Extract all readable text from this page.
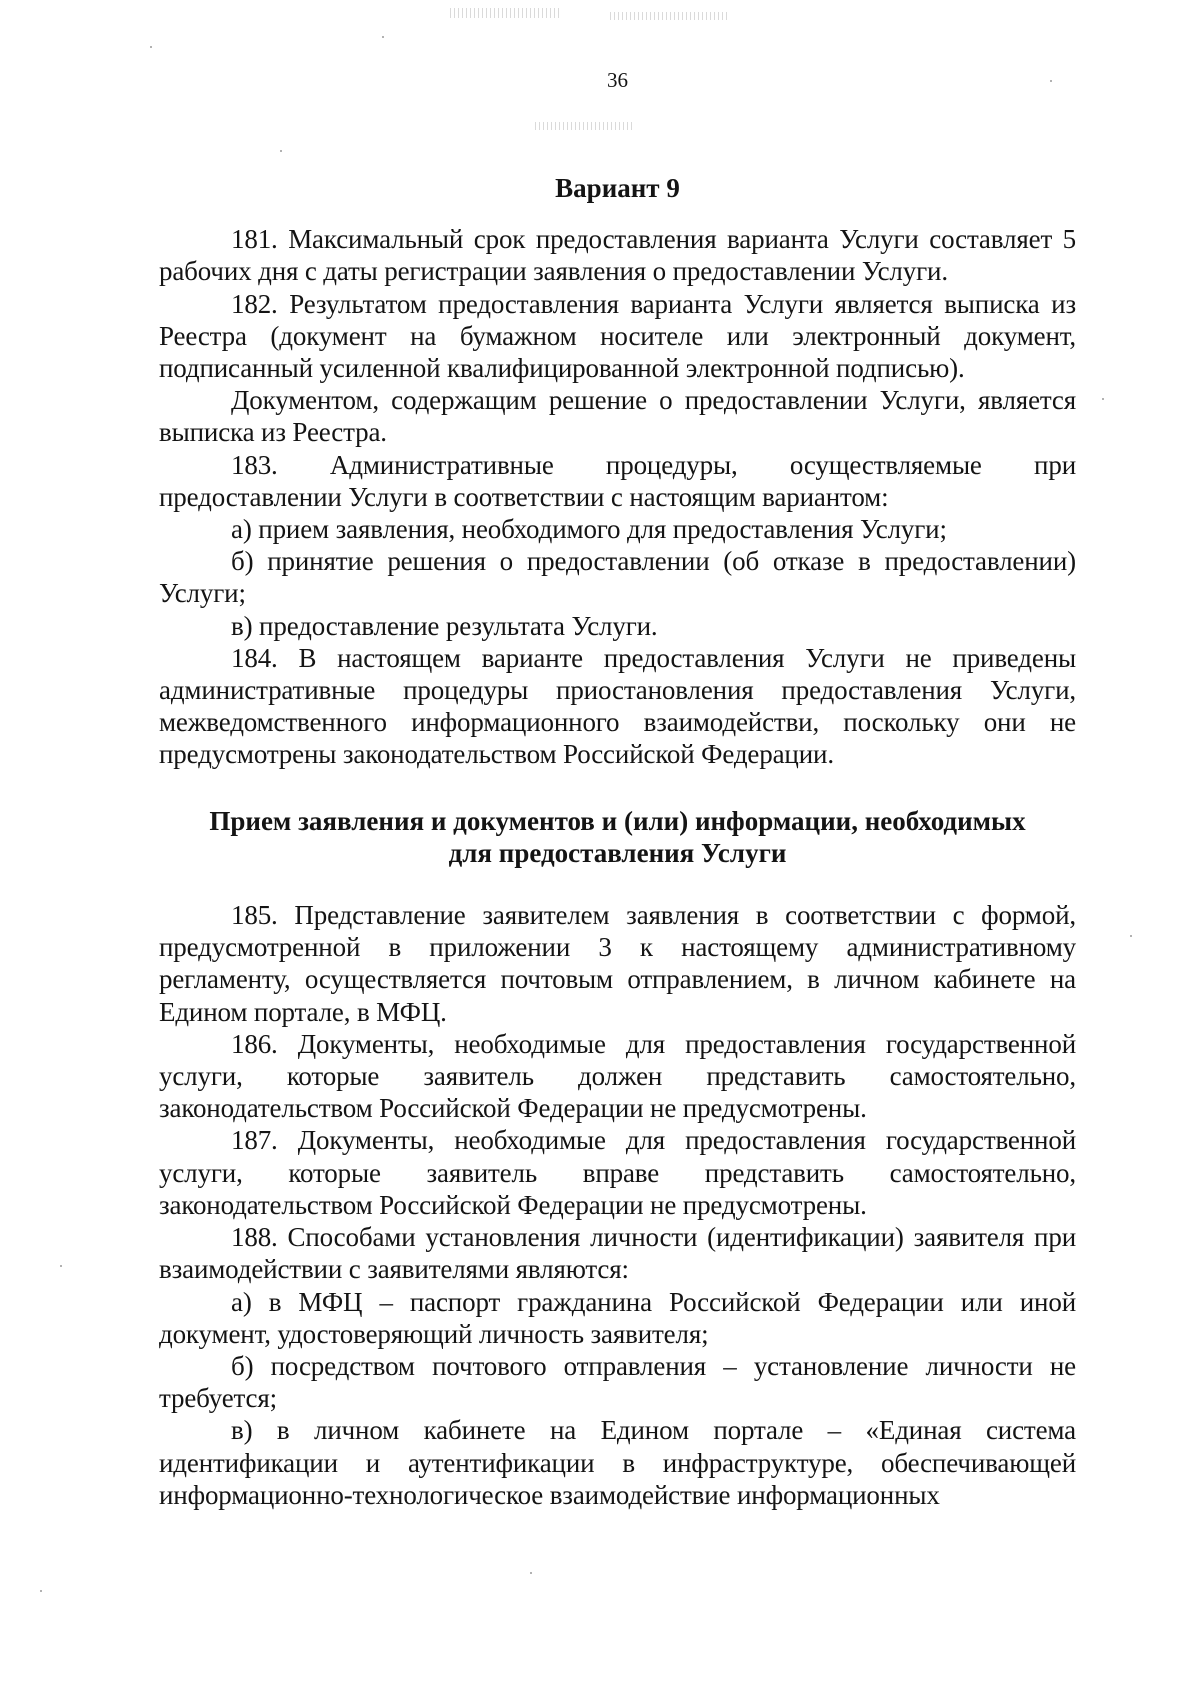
36
Вариант 9

181. Максимальный срок предоставления варианта Услуги составляет 5 рабочих дня с даты регистрации заявления о предоставлении Услуги.

182. Результатом предоставления варианта Услуги является выписка из Реестра (документ на бумажном носителе или электронный документ, подписанный усиленной квалифицированной электронной подписью).

Документом, содержащим решение о предоставлении Услуги, является выписка из Реестра.

183. Административные процедуры, осуществляемые при предоставлении Услуги в соответствии с настоящим вариантом:

а) прием заявления, необходимого для предоставления Услуги;

б) принятие решения о предоставлении (об отказе в предоставлении) Услуги;

в) предоставление результата Услуги.

184. В настоящем варианте предоставления Услуги не приведены административные процедуры приостановления предоставления Услуги, межведомственного информационного взаимодействи, поскольку они не предусмотрены законодательством Российской Федерации.

Прием заявления и документов и (или) информации, необходимых
для предоставления Услуги

185. Представление заявителем заявления в соответствии с формой, предусмотренной в приложении 3 к настоящему административному регламенту, осуществляется почтовым отправлением, в личном кабинете на Едином портале, в МФЦ.

186. Документы, необходимые для предоставления государственной услуги, которые заявитель должен представить самостоятельно, законодательством Российской Федерации не предусмотрены.

187. Документы, необходимые для предоставления государственной услуги, которые заявитель вправе представить самостоятельно, законодательством Российской Федерации не предусмотрены.

188. Способами установления личности (идентификации) заявителя при взаимодействии с заявителями являются:

а) в МФЦ – паспорт гражданина Российской Федерации или иной документ, удостоверяющий личность заявителя;

б) посредством почтового отправления – установление личности не требуется;

в) в личном кабинете на Едином портале – «Единая система идентификации и аутентификации в инфраструктуре, обеспечивающей информационно-технологическое взаимодействие информационных
